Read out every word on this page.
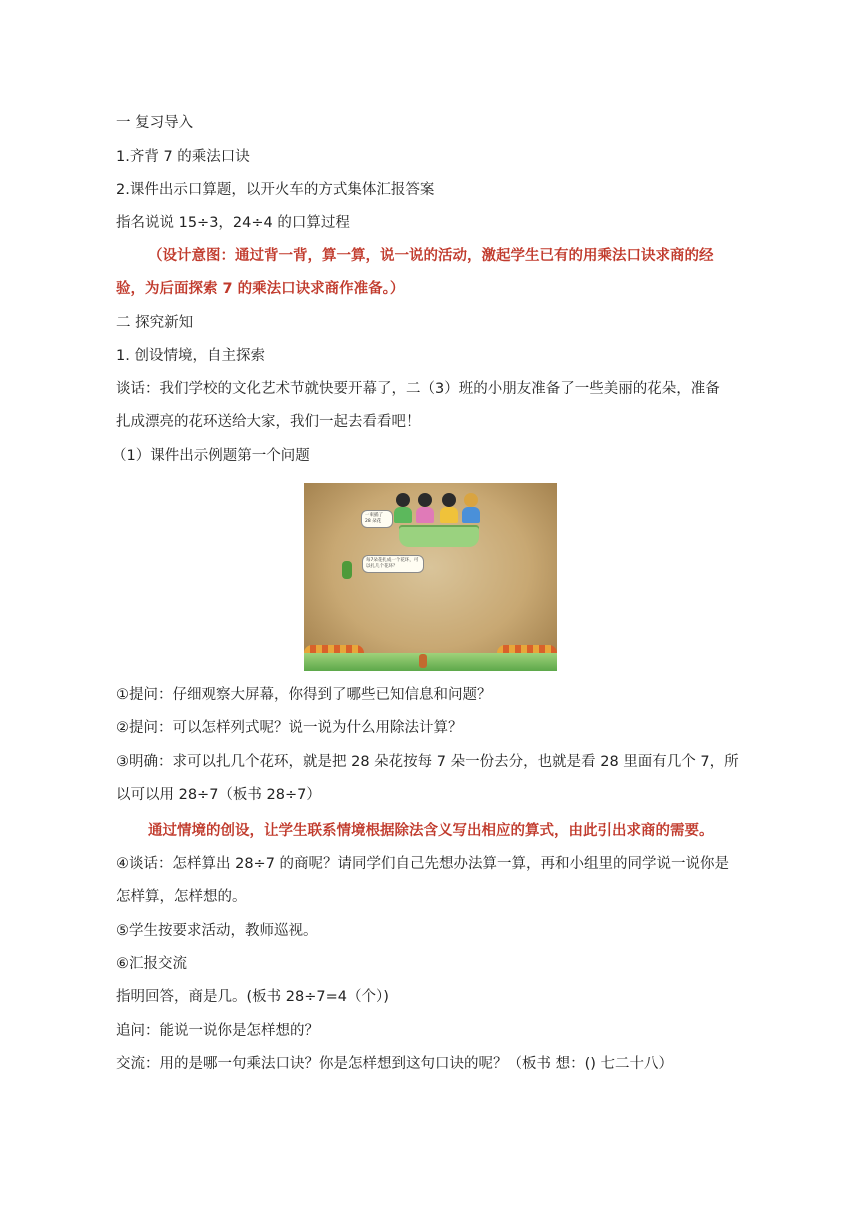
一 复习导入
1.齐背 7 的乘法口诀
2.课件出示口算题，以开火车的方式集体汇报答案
指名说说 15÷3，24÷4 的口算过程
（设计意图：通过背一背，算一算，说一说的活动，激起学生已有的用乘法口诀求商的经
验，为后面探索 7 的乘法口诀求商作准备。）
二 探究新知
1. 创设情境，自主探索
谈话：我们学校的文化艺术节就快要开幕了，二（3）班的小朋友准备了一些美丽的花朵，准备
扎成漂亮的花环送给大家，我们一起去看看吧！
（1）课件出示例题第一个问题
一束插了 28 朵花
每7朵花扎成一个花环，可以扎几个花环？
①提问：仔细观察大屏幕，你得到了哪些已知信息和问题？
②提问：可以怎样列式呢？说一说为什么用除法计算？
③明确：求可以扎几个花环，就是把 28 朵花按每 7 朵一份去分，也就是看 28 里面有几个 7，所
以可以用 28÷7（板书 28÷7）
通过情境的创设，让学生联系情境根据除法含义写出相应的算式，由此引出求商的需要。
④谈话：怎样算出 28÷7 的商呢？请同学们自己先想办法算一算，再和小组里的同学说一说你是
怎样算，怎样想的。
⑤学生按要求活动，教师巡视。
⑥汇报交流
指明回答，商是几。(板书 28÷7=4（个）)
追问：能说一说你是怎样想的？
交流：用的是哪一句乘法口诀？你是怎样想到这句口诀的呢？（板书 想：() 七二十八）
